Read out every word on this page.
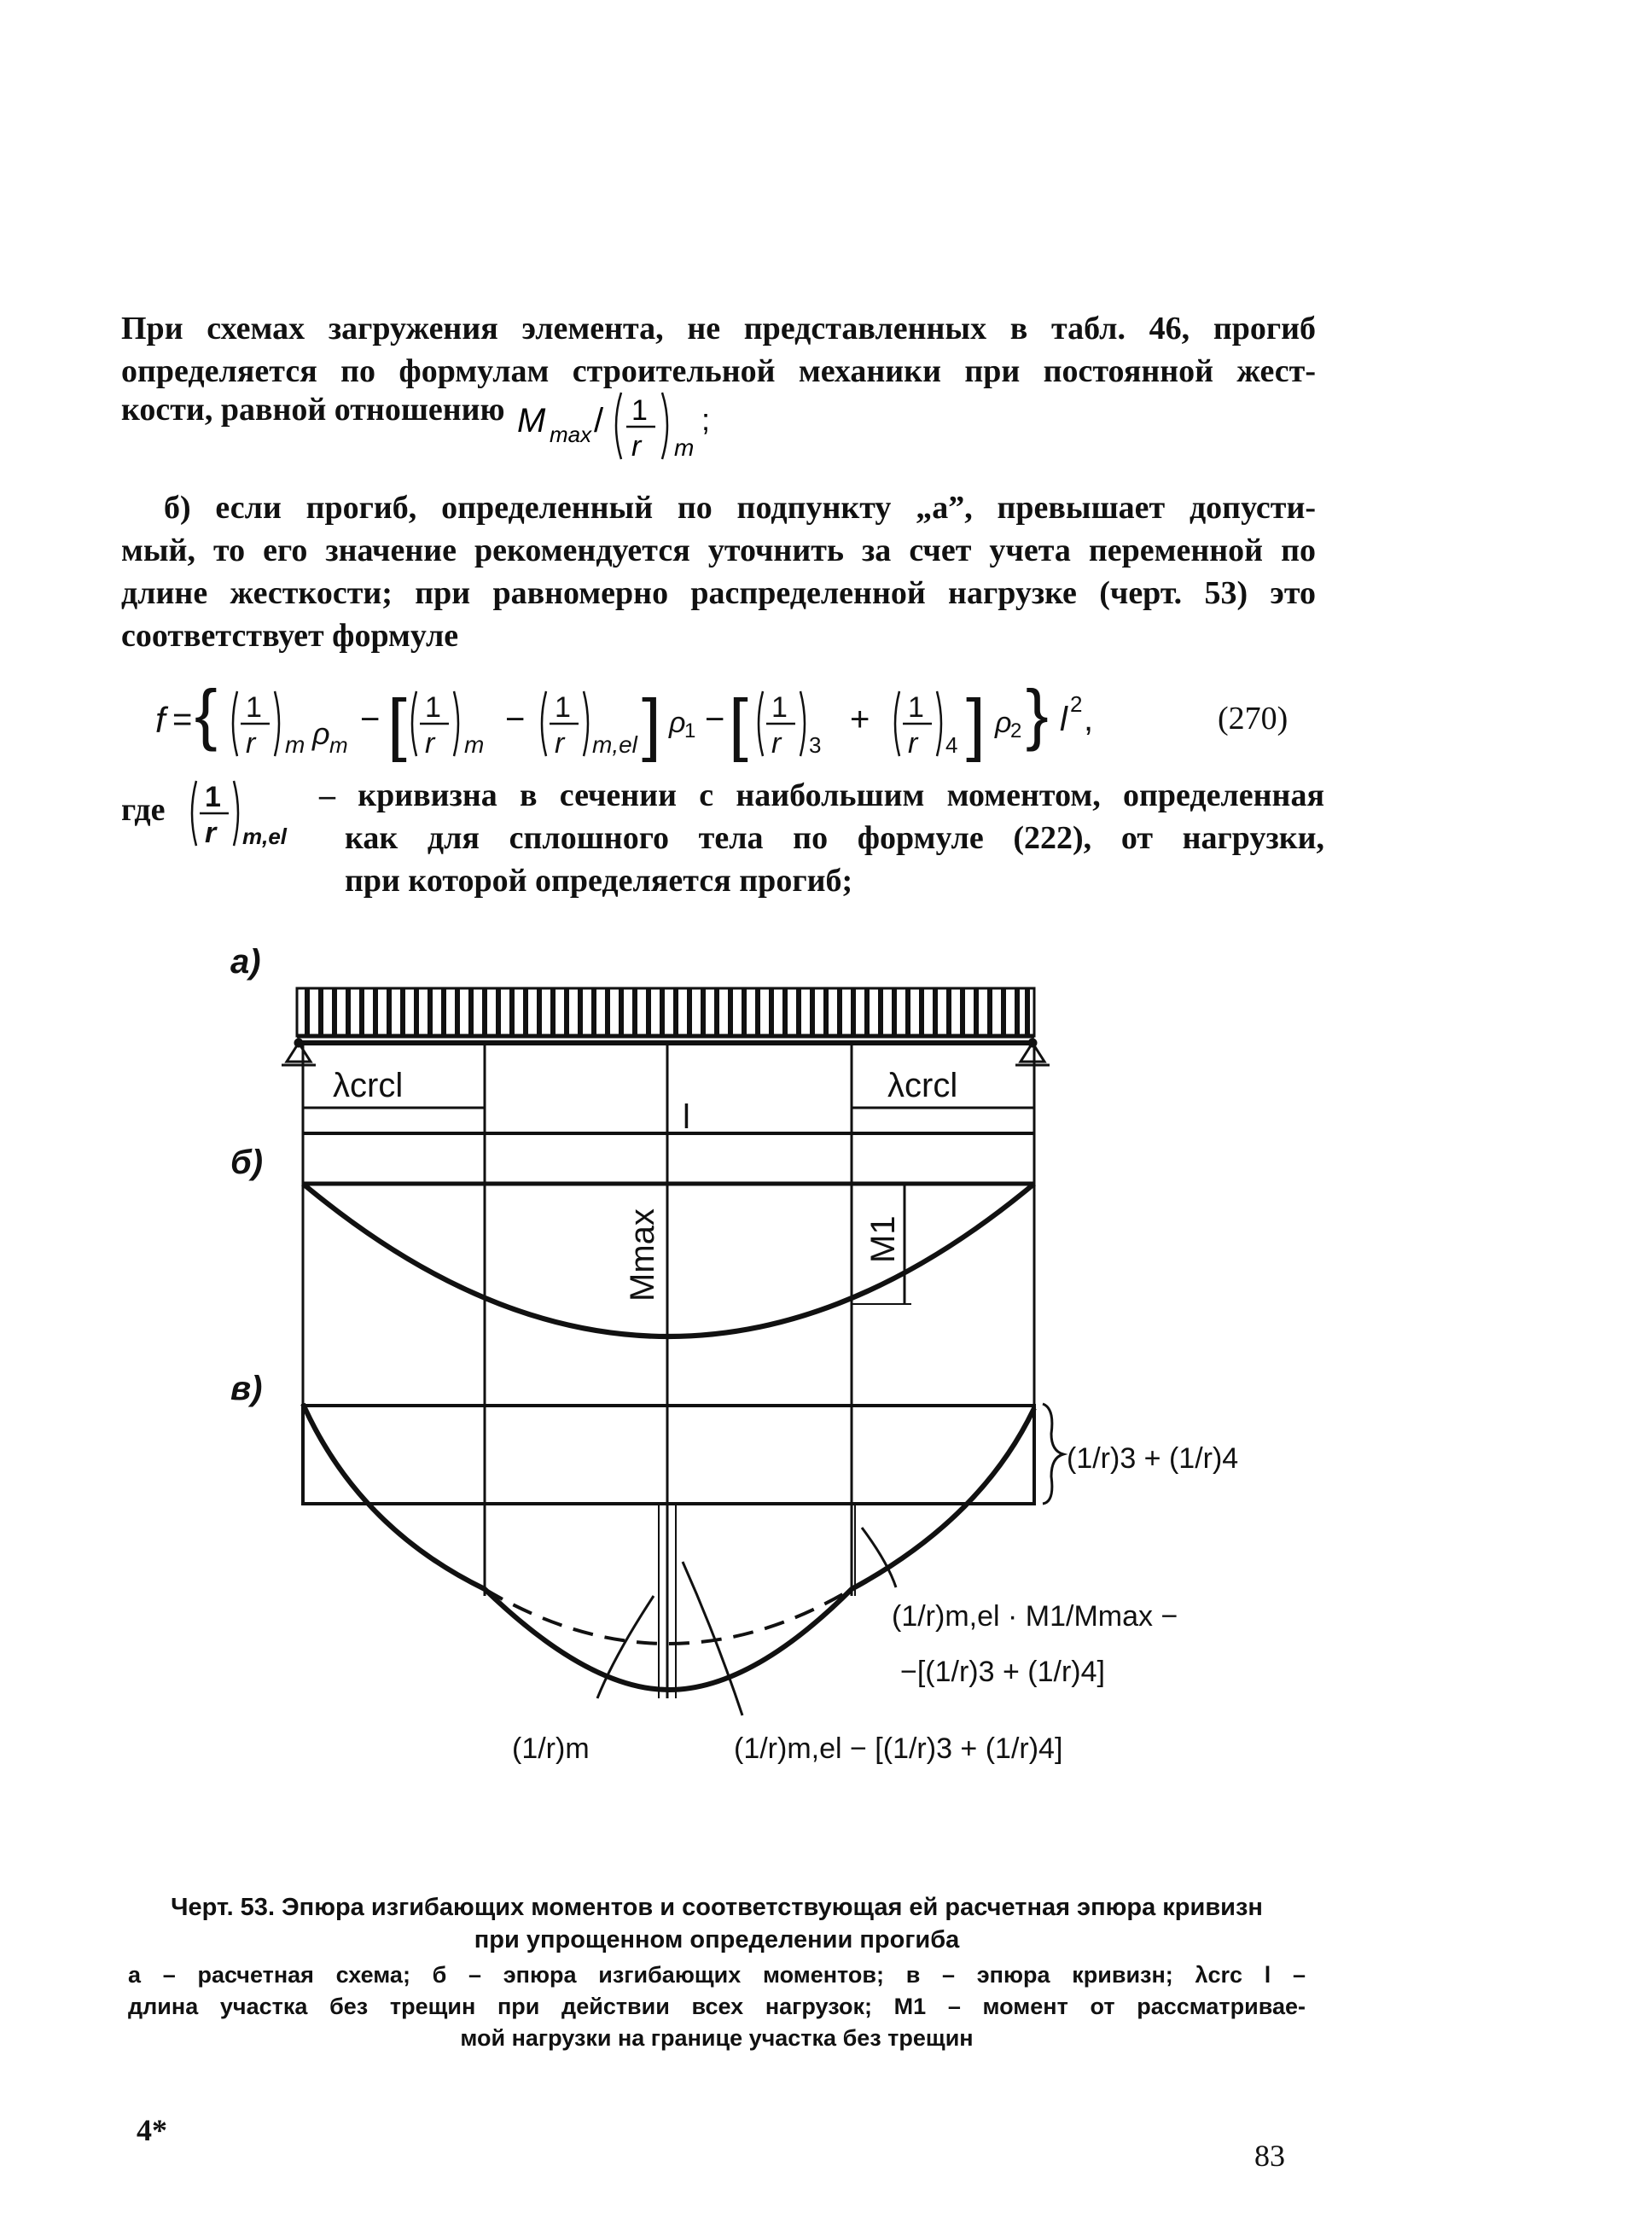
При схемах загружения элемента, не представленных в табл. 46, прогиб
определяется по формулам строительной механики при постоянной жест-
кости, равной отношению M max / 1
r m
;
б) если прогиб, определенный по подпункту „а”, превышает допусти-
мый, то его значение рекомендуется уточнить за счет учета переменной по
длине жесткости; при равномерно распределенной нагрузке (черт. 53) это
соответствует формуле
f = { 1
r m ρ m
− [ 1
r m
− 1
r m,el ] ρ
1 − [ 1
r 3
+ 1
r 4 ] ρ
2 } l 2 ,	(270)
где 1
r m,el
– кривизна в сечении с наибольшим моментом, определенная
как для сплошного тела по формуле (222), от нагрузки,
при которой определяется прогиб;
а)
б)
в)
λcrcl	λcrcl
l
Mmax	M1
(1/r)3 + (1/r)4
(1/r)m	(1/r)m,el − [(1/r)3 + (1/r)4]
(1/r)m,el · M1/Mmax −
−[(1/r)3 + (1/r)4]
Черт. 53. Эпюра изгибающих моментов и соответствующая ей расчетная эпюра кривизн
при упрощенном определении прогиба
а – расчетная схема; б – эпюра изгибающих моментов; в – эпюра кривизн; λcrc l –
длина участка без трещин при действии всех нагрузок; M1 – момент от рассматривае-
мой нагрузки на границе участка без трещин
4*
83
